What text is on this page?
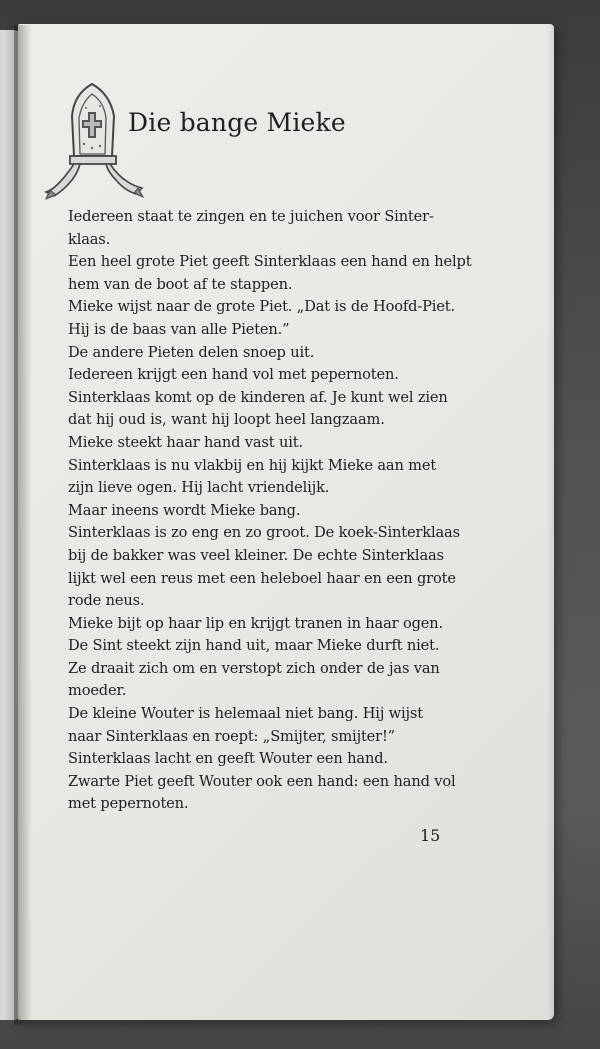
Die bange Mieke

Iedereen staat te zingen en te juichen voor Sinter-

klaas.

Een heel grote Piet geeft Sinterklaas een hand en helpt

hem van de boot af te stappen.

Mieke wijst naar de grote Piet. „Dat is de Hoofd-Piet.

Hij is de baas van alle Pieten.”

De andere Pieten delen snoep uit.

Iedereen krijgt een hand vol met pepernoten.

Sinterklaas komt op de kinderen af. Je kunt wel zien

dat hij oud is, want hij loopt heel langzaam.

Mieke steekt haar hand vast uit.

Sinterklaas is nu vlakbij en hij kijkt Mieke aan met

zijn lieve ogen. Hij lacht vriendelijk.

Maar ineens wordt Mieke bang.

Sinterklaas is zo eng en zo groot. De koek-Sinterklaas

bij de bakker was veel kleiner. De echte Sinterklaas

lijkt wel een reus met een heleboel haar en een grote

rode neus.

Mieke bijt op haar lip en krijgt tranen in haar ogen.

De Sint steekt zijn hand uit, maar Mieke durft niet.

Ze draait zich om en verstopt zich onder de jas van

moeder.

De kleine Wouter is helemaal niet bang. Hij wijst

naar Sinterklaas en roept: „Smijter, smijter!”

Sinterklaas lacht en geeft Wouter een hand.

Zwarte Piet geeft Wouter ook een hand: een hand vol

met pepernoten.

15
